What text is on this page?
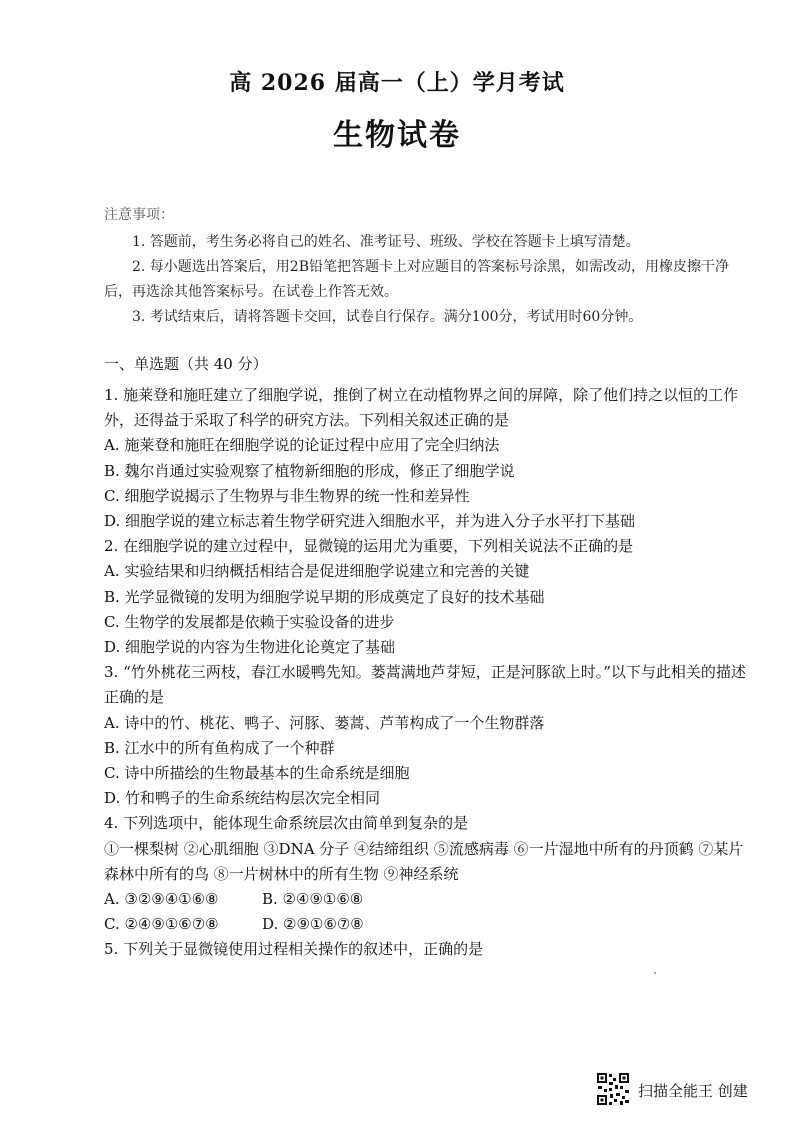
高 2026 届高一（上）学月考试
生物试卷

注意事项：

1. 答题前，考生务必将自己的姓名、准考证号、班级、学校在答题卡上填写清楚。

2. 每小题选出答案后，用2B铅笔把答题卡上对应题目的答案标号涂黑，如需改动，用橡皮擦干净后，再选涂其他答案标号。在试卷上作答无效。

3. 考试结束后，请将答题卡交回，试卷自行保存。满分100分，考试用时60分钟。

一、单选题（共 40 分）

1. 施莱登和施旺建立了细胞学说，推倒了树立在动植物界之间的屏障，除了他们持之以恒的工作外，还得益于采取了科学的研究方法。下列相关叙述正确的是

A. 施莱登和施旺在细胞学说的论证过程中应用了完全归纳法

B. 魏尔肖通过实验观察了植物新细胞的形成，修正了细胞学说

C. 细胞学说揭示了生物界与非生物界的统一性和差异性

D. 细胞学说的建立标志着生物学研究进入细胞水平，并为进入分子水平打下基础

2. 在细胞学说的建立过程中，显微镜的运用尤为重要，下列相关说法不正确的是

A. 实验结果和归纳概括相结合是促进细胞学说建立和完善的关键

B. 光学显微镜的发明为细胞学说早期的形成奠定了良好的技术基础

C. 生物学的发展都是依赖于实验设备的进步

D. 细胞学说的内容为生物进化论奠定了基础

3. “竹外桃花三两枝，春江水暖鸭先知。蒌蒿满地芦芽短，正是河豚欲上时。”以下与此相关的描述正确的是

A. 诗中的竹、桃花、鸭子、河豚、蒌蒿、芦苇构成了一个生物群落

B. 江水中的所有鱼构成了一个种群

C. 诗中所描绘的生物最基本的生命系统是细胞

D. 竹和鸭子的生命系统结构层次完全相同

4. 下列选项中，能体现生命系统层次由简单到复杂的是

①一棵梨树 ②心肌细胞 ③DNA 分子 ④结缔组织 ⑤流感病毒 ⑥一片湿地中所有的丹顶鹤 ⑦某片森林中所有的鸟 ⑧一片树林中的所有生物 ⑨神经系统

A. ③②⑨④①⑥⑧	B. ②④⑨①⑥⑧
C. ②④⑨①⑥⑦⑧	D. ②⑨①⑥⑦⑧

5. 下列关于显微镜使用过程相关操作的叙述中，正确的是

扫描全能王 创建
